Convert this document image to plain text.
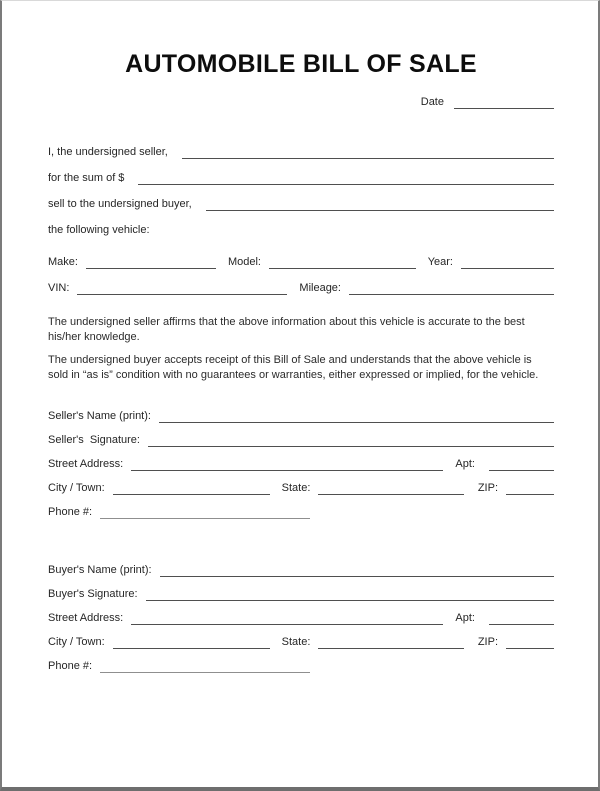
AUTOMOBILE BILL OF SALE
Date
I, the undersigned seller,
for the sum of $
sell to the undersigned buyer,
the following vehicle:
Make:	Model:	Year:
VIN:	Mileage:

The undersigned seller affirms that the above information about this vehicle is accurate to the best his/her knowledge.

The undersigned buyer accepts receipt of this Bill of Sale and understands that the above vehicle is sold in “as is” condition with no guarantees or warranties, either expressed or implied, for the vehicle.

Seller's Name (print):
Seller's  Signature:
Street Address:	Apt:
City / Town:	State:	ZIP:
Phone #:
Buyer's Name (print):
Buyer's Signature:
Street Address:	Apt:
City / Town:	State:	ZIP:
Phone #:
